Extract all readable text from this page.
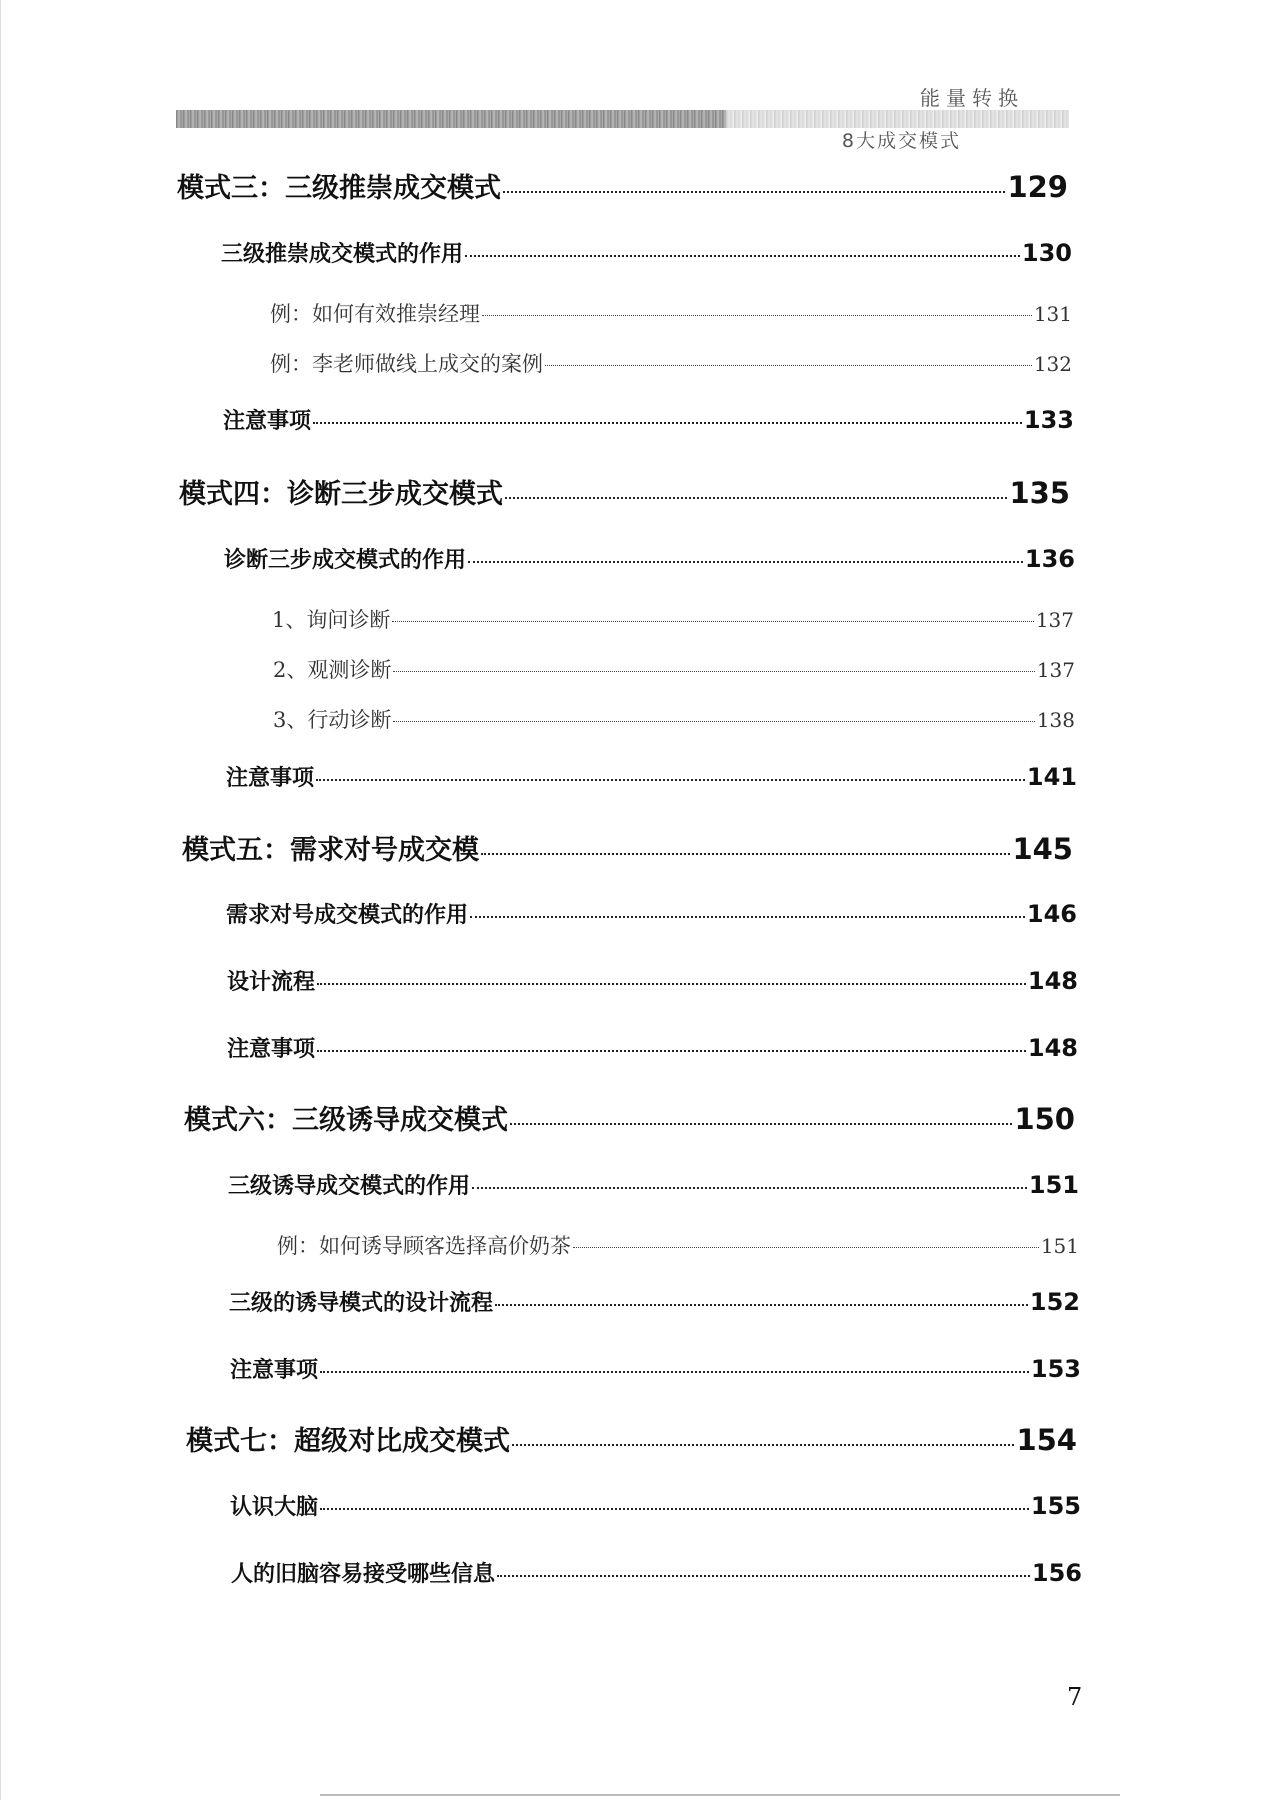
能量转换
8大成交模式
模式三：三级推崇成交模式	129
三级推崇成交模式的作用	130
例：如何有效推崇经理	131
例：李老师做线上成交的案例	132
注意事项	133
模式四：诊断三步成交模式	135
诊断三步成交模式的作用	136
1、询问诊断	137
2、观测诊断	137
3、行动诊断	138
注意事项	141
模式五：需求对号成交模	145
需求对号成交模式的作用	146
设计流程	148
注意事项	148
模式六：三级诱导成交模式	150
三级诱导成交模式的作用	151
例：如何诱导顾客选择高价奶茶	151
三级的诱导模式的设计流程	152
注意事项	153
模式七：超级对比成交模式	154
认识大脑	155
人的旧脑容易接受哪些信息	156
7
